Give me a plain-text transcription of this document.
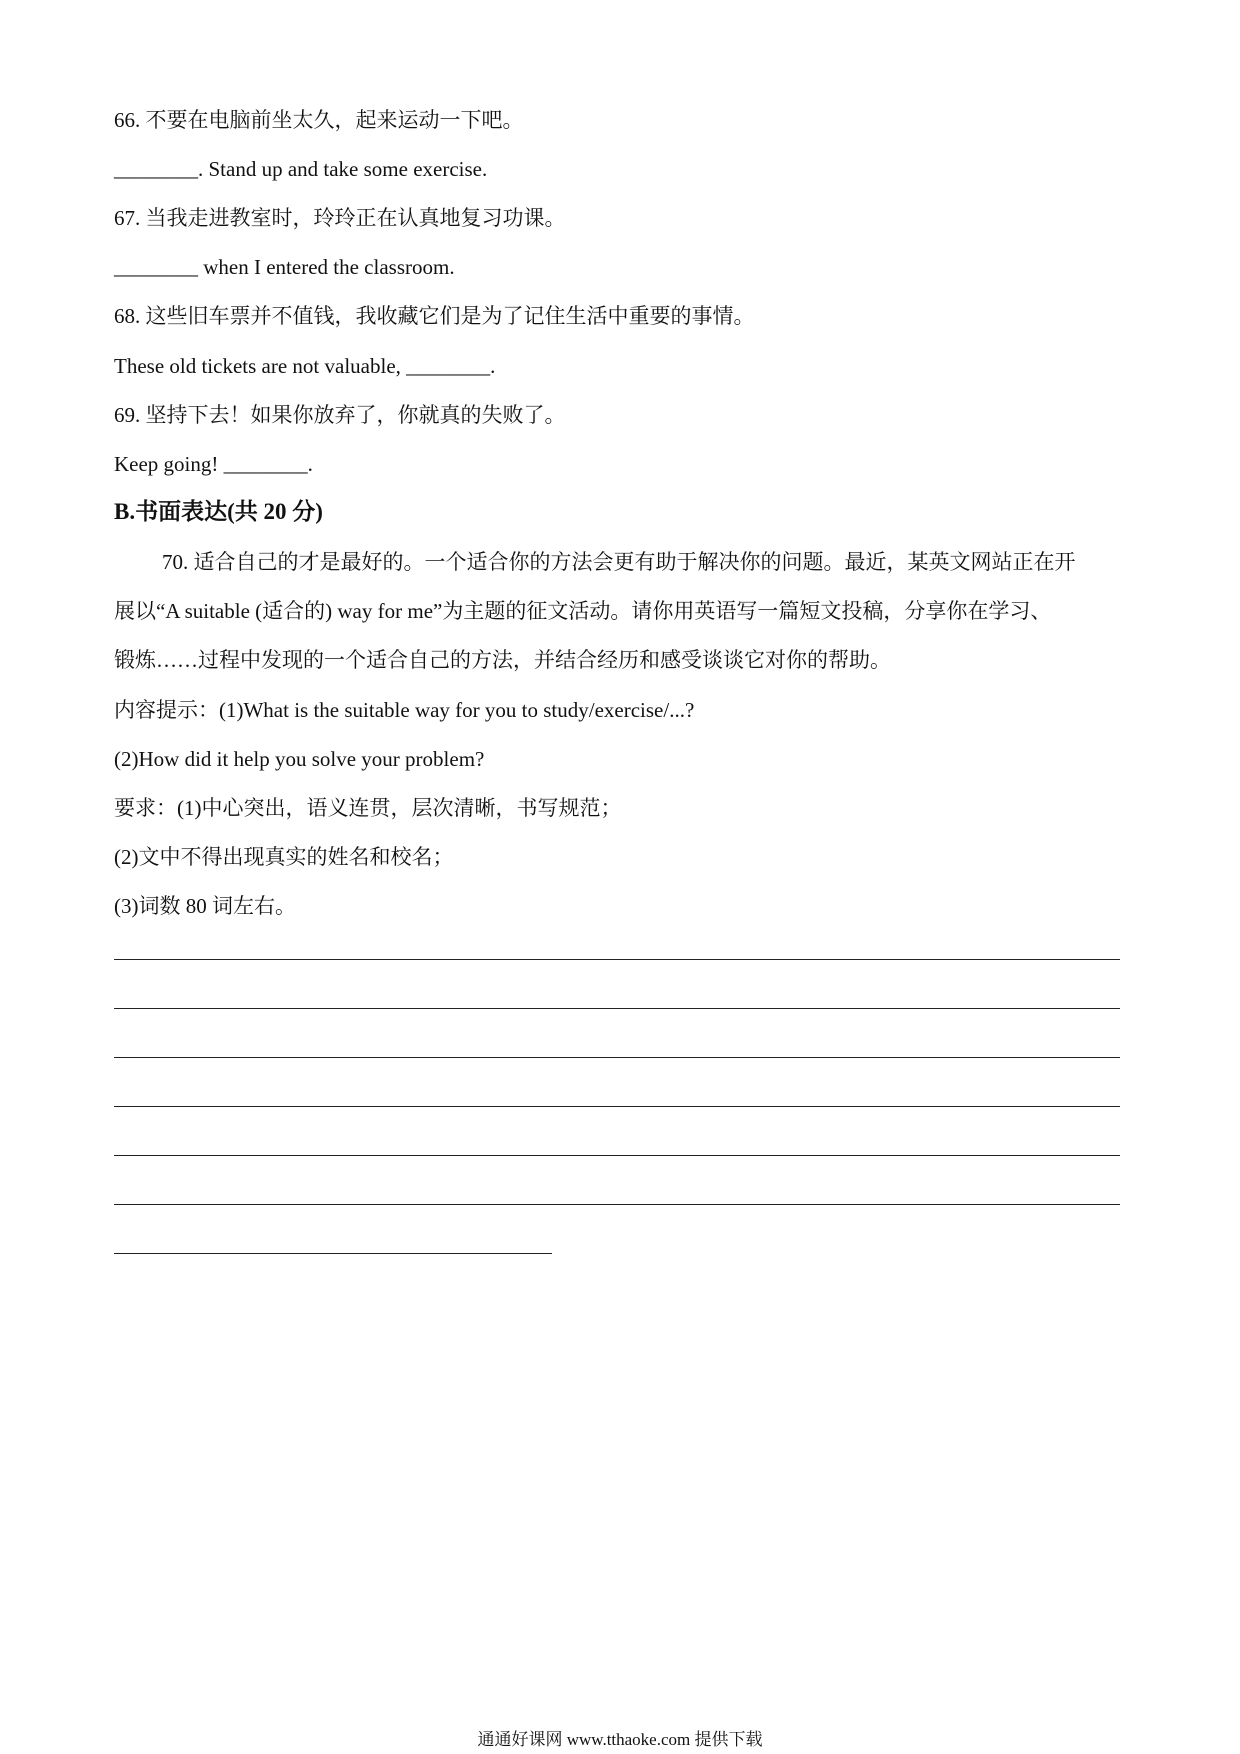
66. 不要在电脑前坐太久，起来运动一下吧。
________. Stand up and take some exercise.
67. 当我走进教室时，玲玲正在认真地复习功课。
________ when I entered the classroom.
68. 这些旧车票并不值钱，我收藏它们是为了记住生活中重要的事情。
These old tickets are not valuable, ________.
69. 坚持下去！如果你放弃了，你就真的失败了。
Keep going! ________.
B.书面表达(共 20 分)
70. 适合自己的才是最好的。一个适合你的方法会更有助于解决你的问题。最近，某英文网站正在开
展以“A suitable (适合的) way for me”为主题的征文活动。请你用英语写一篇短文投稿，分享你在学习、
锻炼……过程中发现的一个适合自己的方法，并结合经历和感受谈谈它对你的帮助。
内容提示：(1)What is the suitable way for you to study/exercise/...?
(2)How did it help you solve your problem?
要求：(1)中心突出，语义连贯，层次清晰，书写规范；
(2)文中不得出现真实的姓名和校名；
(3)词数 80 词左右。
通通好课网 www.tthaoke.com 提供下载
